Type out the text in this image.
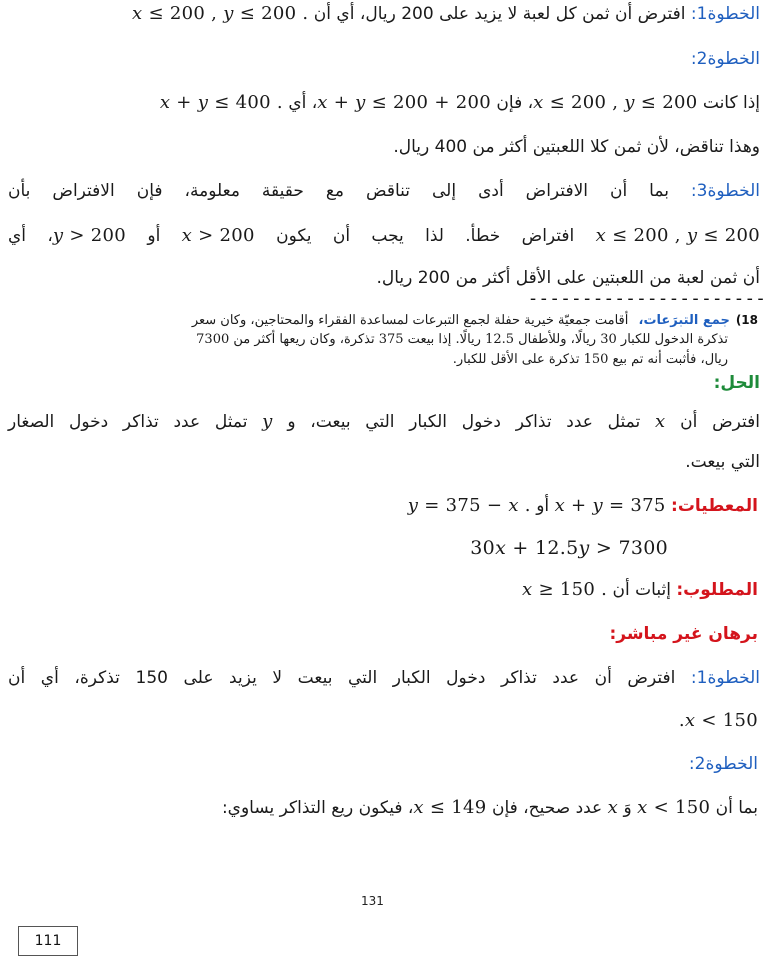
الخطوة1: افترض أن ثمن كل لعبة لا يزيد على 200 ريال، أي أن x ≤ 200 , y ≤ 200 .
الخطوة2:
إذا كانت x ≤ 200 , y ≤ 200، فإن x + y ≤ 200 + 200، أي x + y ≤ 400 .
وهذا تناقض، لأن ثمن كلا اللعبتين أكثر من 400 ريال.
الخطوة3: بما أن الافتراض أدى إلى تناقض مع حقيقة معلومة، فإن الافتراض بأن
x ≤ 200 , y ≤ 200 افتراض خطأ. لذا يجب أن يكون x > 200 أو y > 200، أي
أن ثمن لعبة من اللعبتين على الأقل أكثر من 200 ريال.
----------------------
18)جمع التبرَعات، أقامت جمعيّة خيرية حفلة لجمع التبرعات لمساعدة الفقراء والمحتاجين، وكان سعر
تذكرة الدخول للكبار 30 ريالًا، وللأطفال 12.5 ريالًا. إذا بيعت 375 تذكرة، وكان ريعها أكثر من 7300
ريال، فأثبت أنه تم بيع 150 تذكرة على الأقل للكبار.
الحل:
افترض أن x تمثل عدد تذاكر دخول الكبار التي بيعت، و y تمثل عدد تذاكر دخول الصغار
التي بيعت.
المعطيات: x + y = 375 أو y = 375 − x .
30x + 12.5y > 7300
المطلوب: إثبات أن x ≥ 150 .
برهان غير مباشر:
الخطوة1: افترض أن عدد تذاكر دخول الكبار التي بيعت لا يزيد على 150 تذكرة، أي أن
.x < 150
الخطوة2:
بما أن x < 150 وَ x عدد صحيح، فإن x ≤ 149، فيكون ريع التذاكر يساوي:
131
111
